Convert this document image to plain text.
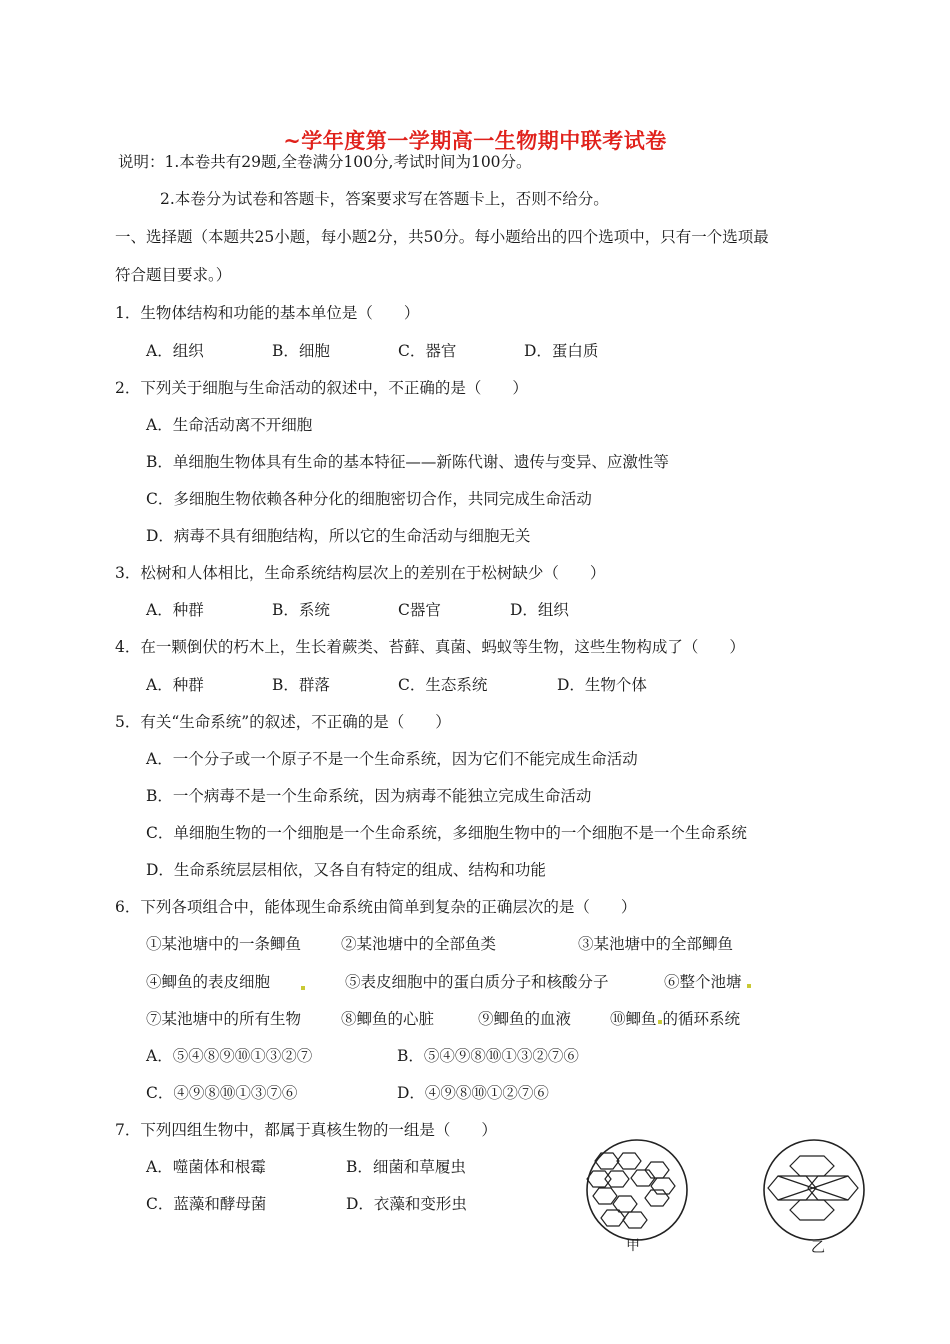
~学年度第一学期高一生物期中联考试卷
说明：1.本卷共有29题,全卷满分100分,考试时间为100分。
2.本卷分为试卷和答题卡，答案要求写在答题卡上，否则不给分。
一、选择题（本题共25小题，每小题2分，共50分。每小题给出的四个选项中，只有一个选项最
符合题目要求。）
1．生物体结构和功能的基本单位是（　　）
A．组织	B．细胞	C．器官	D．蛋白质
2．下列关于细胞与生命活动的叙述中，不正确的是（　　）
A．生命活动离不开细胞
B．单细胞生物体具有生命的基本特征——新陈代谢、遗传与变异、应激性等
C．多细胞生物依赖各种分化的细胞密切合作，共同完成生命活动
D．病毒不具有细胞结构，所以它的生命活动与细胞无关
3．松树和人体相比，生命系统结构层次上的差别在于松树缺少（　　）
A．种群	B．系统	C器官	D．组织
4．在一颗倒伏的朽木上，生长着蕨类、苔藓、真菌、蚂蚁等生物，这些生物构成了（　　）
A．种群	B．群落	C．生态系统	D．生物个体
5．有关“生命系统”的叙述，不正确的是（　　）
A．一个分子或一个原子不是一个生命系统，因为它们不能完成生命活动
B．一个病毒不是一个生命系统，因为病毒不能独立完成生命活动
C．单细胞生物的一个细胞是一个生命系统，多细胞生物中的一个细胞不是一个生命系统
D．生命系统层层相依，又各自有特定的组成、结构和功能
6．下列各项组合中，能体现生命系统由简单到复杂的正确层次的是（　　）
①某池塘中的一条鲫鱼	②某池塘中的全部鱼类	③某池塘中的全部鲫鱼
④鲫鱼的表皮细胞	⑤表皮细胞中的蛋白质分子和核酸分子	⑥整个池塘
⑦某池塘中的所有生物	⑧鲫鱼的心脏	⑨鲫鱼的血液	⑩鲫鱼 的循环系统
A．⑤④⑧⑨⑩①③②⑦	B．⑤④⑨⑧⑩①③②⑦⑥
C．④⑨⑧⑩①③⑦⑥	D．④⑨⑧⑩①②⑦⑥
7．下列四组生物中，都属于真核生物的一组是（　　）
A．噬菌体和根霉	B．细菌和草履虫
C．蓝藻和酵母菌	D．衣藻和变形虫
甲	乙
